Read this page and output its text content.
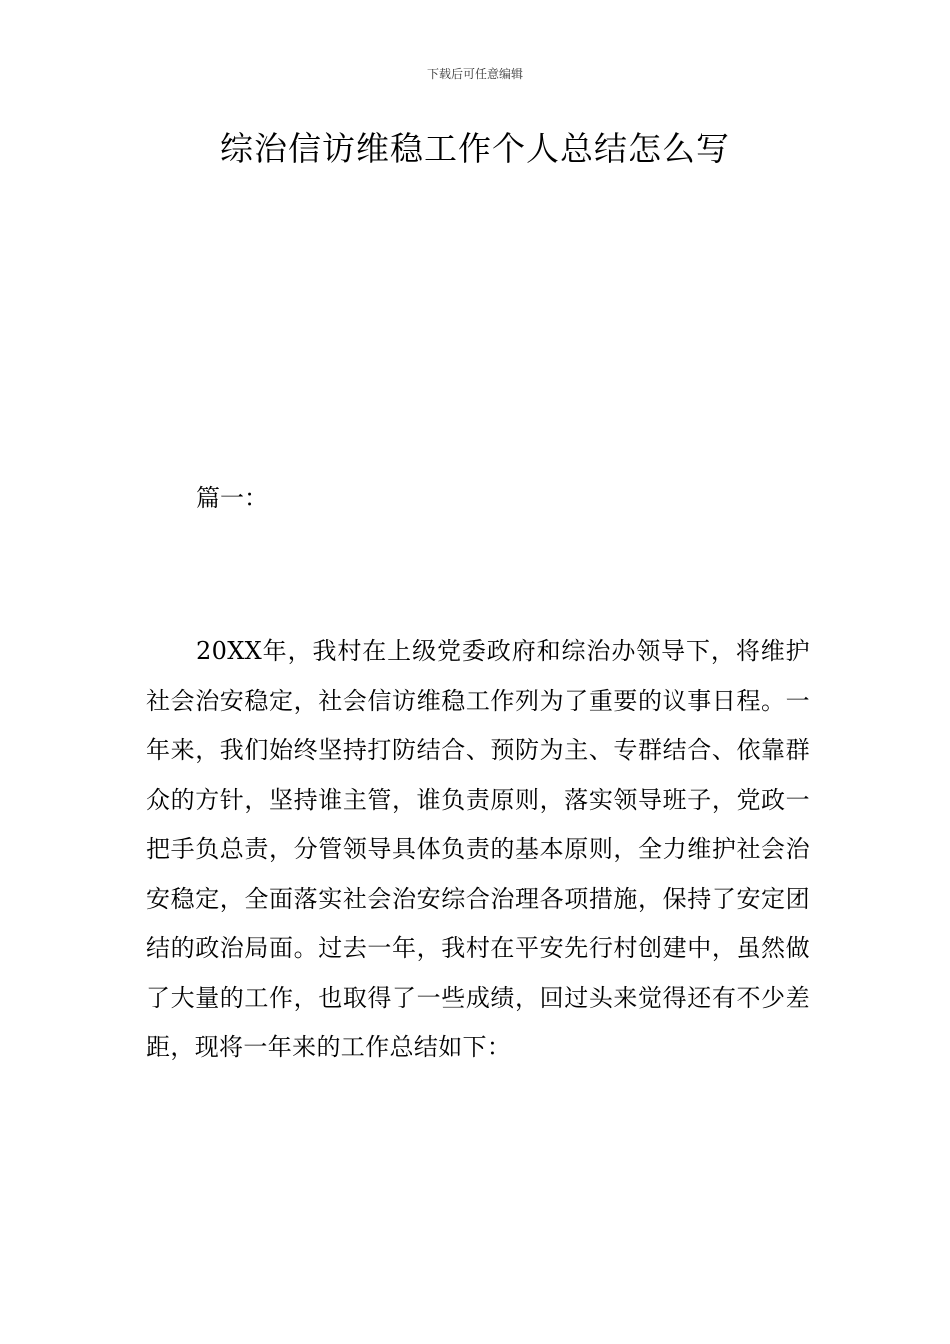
下载后可任意编辑
综治信访维稳工作个人总结怎么写

篇一：

20XX年，我村在上级党委政府和综治办领导下，将维护社会治安稳定，社会信访维稳工作列为了重要的议事日程。一年来，我们始终坚持打防结合、预防为主、专群结合、依靠群众的方针，坚持谁主管，谁负责原则，落实领导班子，党政一把手负总责，分管领导具体负责的基本原则，全力维护社会治安稳定，全面落实社会治安综合治理各项措施，保持了安定团结的政治局面。过去一年，我村在平安先行村创建中，虽然做了大量的工作，也取得了一些成绩，回过头来觉得还有不少差距，现将一年来的工作总结如下：
